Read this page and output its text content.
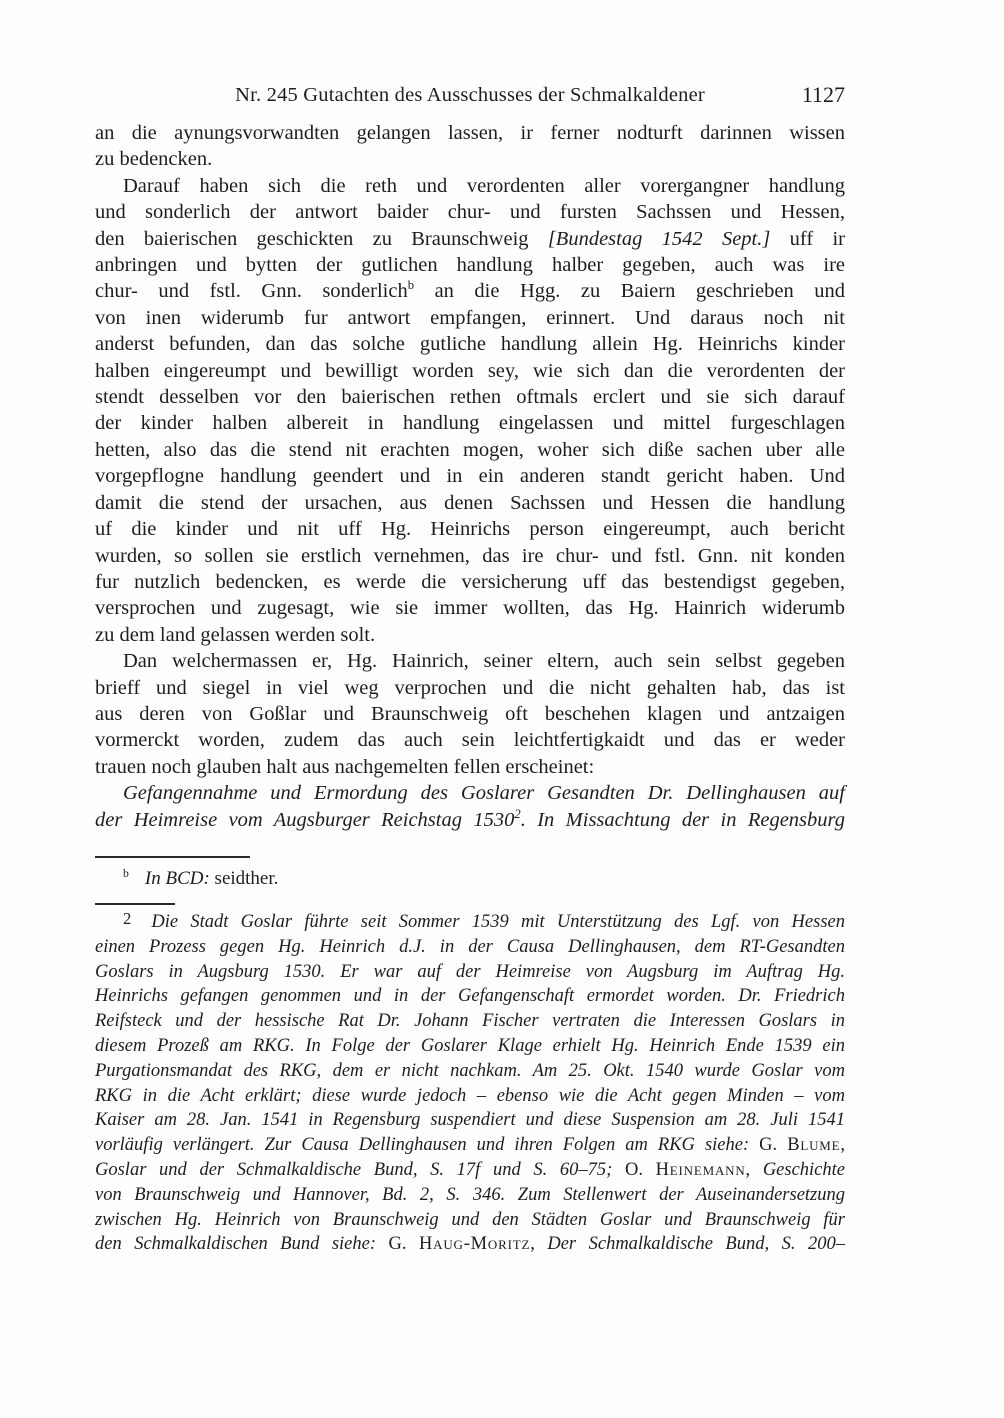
Nr. 245 Gutachten des Ausschusses der Schmalkaldener	1127
an die aynungsvorwandten gelangen lassen, ir ferner nodturft darinnen wissen
zu bedencken.
Darauf haben sich die reth und verordenten aller vorergangner handlung
und sonderlich der antwort baider chur- und fursten Sachssen und Hessen,
den baierischen geschickten zu Braunschweig [Bundestag 1542 Sept.] uff ir
anbringen und bytten der gutlichen handlung halber gegeben, auch was ire
chur- und fstl. Gnn. sonderlich$^b$ an die Hgg. zu Baiern geschrieben und
von inen widerumb fur antwort empfangen, erinnert. Und daraus noch nit
anderst befunden, dan das solche gutliche handlung allein Hg. Heinrichs kinder
halben eingereumpt und bewilligt worden sey, wie sich dan die verordenten der
stendt desselben vor den baierischen rethen oftmals erclert und sie sich darauf
der kinder halben albereit in handlung eingelassen und mittel furgeschlagen
hetten, also das die stend nit erachten mogen, woher sich diße sachen uber alle
vorgepflogne handlung geendert und in ein anderen standt gericht haben. Und
damit die stend der ursachen, aus denen Sachssen und Hessen die handlung
uf die kinder und nit uff Hg. Heinrichs person eingereumpt, auch bericht
wurden, so sollen sie erstlich vernehmen, das ire chur- und fstl. Gnn. nit konden
fur nutzlich bedencken, es werde die versicherung uff das bestendigst gegeben,
versprochen und zugesagt, wie sie immer wollten, das Hg. Hainrich widerumb
zu dem land gelassen werden solt.
Dan welchermassen er, Hg. Hainrich, seiner eltern, auch sein selbst gegeben
brieff und siegel in viel weg verprochen und die nicht gehalten hab, das ist
aus deren von Goßlar und Braunschweig oft beschehen klagen und antzaigen
vormerckt worden, zudem das auch sein leichtfertigkaidt und das er weder
trauen noch glauben halt aus nachgemelten fellen erscheinet:
Gefangennahme und Ermordung des Goslarer Gesandten Dr. Dellinghausen auf
der Heimreise vom Augsburger Reichstag 1530$^2$. In Missachtung der in Regensburg
$^b$ In BCD: seidther.
2 Die Stadt Goslar führte seit Sommer 1539 mit Unterstützung des Lgf. von Hessen
einen Prozess gegen Hg. Heinrich d.J. in der Causa Dellinghausen, dem RT-Gesandten
Goslars in Augsburg 1530. Er war auf der Heimreise von Augsburg im Auftrag Hg.
Heinrichs gefangen genommen und in der Gefangenschaft ermordet worden. Dr. Friedrich
Reifsteck und der hessische Rat Dr. Johann Fischer vertraten die Interessen Goslars in
diesem Prozeß am RKG. In Folge der Goslarer Klage erhielt Hg. Heinrich Ende 1539 ein
Purgationsmandat des RKG, dem er nicht nachkam. Am 25. Okt. 1540 wurde Goslar vom
RKG in die Acht erklärt; diese wurde jedoch – ebenso wie die Acht gegen Minden – vom
Kaiser am 28. Jan. 1541 in Regensburg suspendiert und diese Suspension am 28. Juli 1541
vorläufig verlängert. Zur Causa Dellinghausen und ihren Folgen am RKG siehe: G. Blume,
Goslar und der Schmalkaldische Bund, S. 17f und S. 60–75; O. Heinemann, Geschichte
von Braunschweig und Hannover, Bd. 2, S. 346. Zum Stellenwert der Auseinandersetzung
zwischen Hg. Heinrich von Braunschweig und den Städten Goslar und Braunschweig für
den Schmalkaldischen Bund siehe: G. Haug-Moritz, Der Schmalkaldische Bund, S. 200–
